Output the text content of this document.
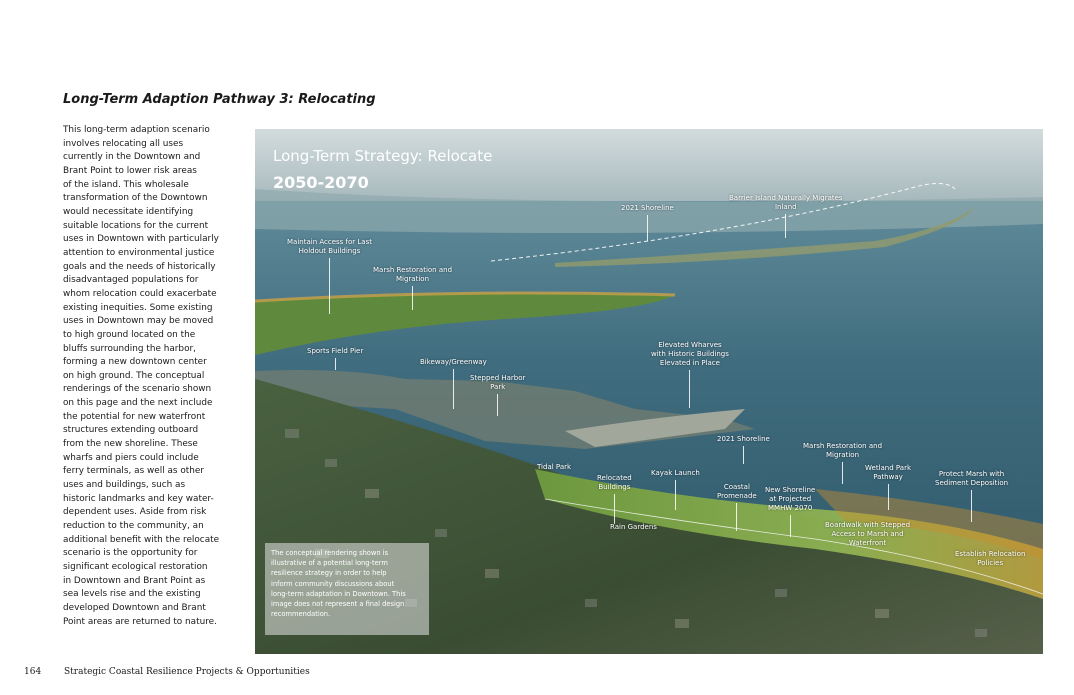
Long-Term Adaption Pathway 3: Relocating
This long-term adaption scenario
involves relocating all uses
currently in the Downtown and
Brant Point to lower risk areas
of the island. This wholesale
transformation of the Downtown
would necessitate identifying
suitable locations for the current
uses in Downtown with particularly
attention to environmental justice
goals and the needs of historically
disadvantaged populations for
whom relocation could exacerbate
existing inequities. Some existing
uses in Downtown may be moved
to high ground located on the
bluffs surrounding the harbor,
forming a new downtown center
on high ground. The conceptual
renderings of the scenario shown
on this page and the next include
the potential for new waterfront
structures extending outboard
from the new shoreline. These
wharfs and piers could include
ferry terminals, as well as other
uses and buildings, such as
historic landmarks and key water-
dependent uses. Aside from risk
reduction to the community, an
additional benefit with the relocate
scenario is the opportunity for
significant ecological restoration
in Downtown and Brant Point as
sea levels rise and the existing
developed Downtown and Brant
Point areas are returned to nature.
Long-Term Strategy: Relocate
2050-2070
2021 Shoreline
Barrier Island Naturally Migrates
Inland
Maintain Access for Last
Holdout Buildings
Marsh Restoration and
Migration
Sports Field Pier
Bikeway/Greenway
Stepped Harbor
Park
Elevated Wharves
with Historic Buildings
Elevated in Place
2021 Shoreline
Marsh Restoration and
Migration
Tidal Park
Relocated
Buildings
Kayak Launch
Coastal
Promenade
New Shoreline
at Projected
MMHW 2070
Wetland Park
Pathway	Protect Marsh with
Sediment Deposition
Rain Gardens	Boardwalk with Stepped
Access to Marsh and
Waterfront
Establish Relocation
Policies
The conceptual rendering shown is
illustrative of a potential long-term
resilience strategy in order to help
inform community discussions about
long-term adaptation in Downtown. This
image does not represent a final design
recommendation.
164	Strategic Coastal Resilience Projects & Opportunities
